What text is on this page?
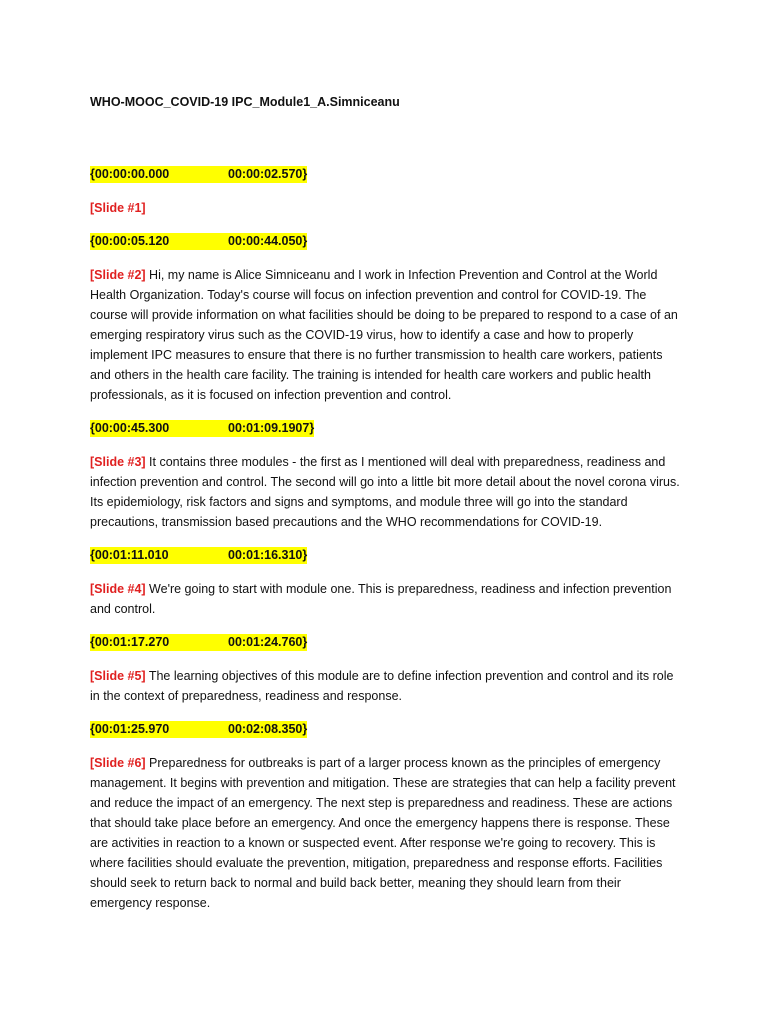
WHO-MOOC_COVID-19 IPC_Module1_A.Simniceanu
{00:00:00.000	00:00:02.570}
[Slide #1]
{00:00:05.120	00:00:44.050}
[Slide #2] Hi, my name is Alice Simniceanu and I work in Infection Prevention and Control at the World Health Organization. Today's course will focus on infection prevention and control for COVID-19. The course will provide information on what facilities should be doing to be prepared to respond to a case of an emerging respiratory virus such as the COVID-19 virus, how to identify a case and how to properly implement IPC measures to ensure that there is no further transmission to health care workers, patients and others in the health care facility. The training is intended for health care workers and public health professionals, as it is focused on infection prevention and control.
{00:00:45.300	00:01:09.1907}
[Slide #3] It contains three modules - the first as I mentioned will deal with preparedness, readiness and infection prevention and control. The second will go into a little bit more detail about the novel corona virus. Its epidemiology, risk factors and signs and symptoms, and module three will go into the standard precautions, transmission based precautions and the WHO recommendations for COVID-19.
{00:01:11.010	00:01:16.310}
[Slide #4] We're going to start with module one. This is preparedness, readiness and infection prevention and control.
{00:01:17.270	00:01:24.760}
[Slide #5] The learning objectives of this module are to define infection prevention and control and its role in the context of preparedness, readiness and response.
{00:01:25.970	00:02:08.350}
[Slide #6] Preparedness for outbreaks is part of a larger process known as the principles of emergency management. It begins with prevention and mitigation. These are strategies that can help a facility prevent and reduce the impact of an emergency. The next step is preparedness and readiness. These are actions that should take place before an emergency. And once the emergency happens there is response. These are activities in reaction to a known or suspected event. After response we're going to recovery. This is where facilities should evaluate the prevention, mitigation, preparedness and response efforts. Facilities should seek to return back to normal and build back better, meaning they should learn from their emergency response.
